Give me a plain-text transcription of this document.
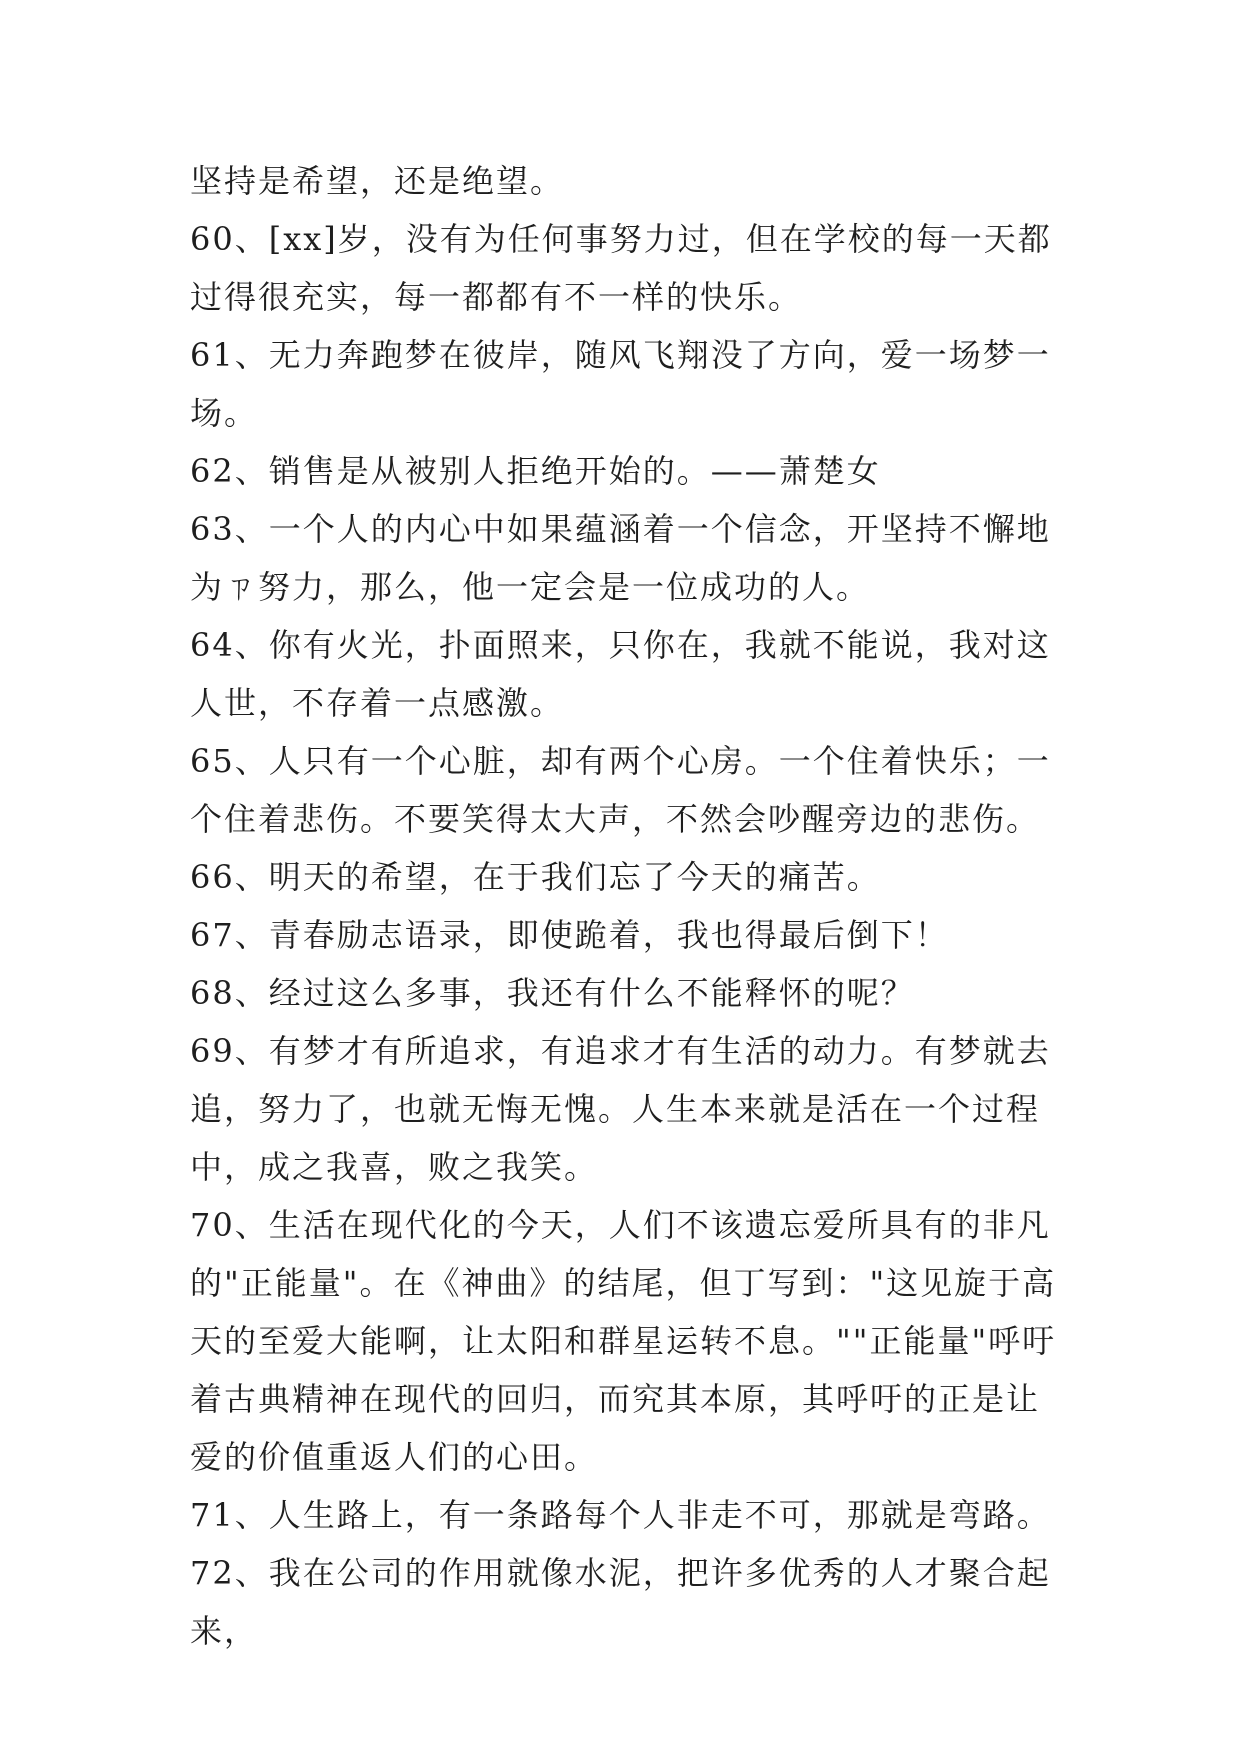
坚持是希望，还是绝望。

60、[xx]岁，没有为任何事努力过，但在学校的每一天都过得很充实，每一都都有不一样的快乐。

61、无力奔跑梦在彼岸，随风飞翔没了方向，爱一场梦一场。

62、销售是从被别人拒绝开始的。——萧楚女

63、一个人的内心中如果蕴涵着一个信念，开坚持不懈地为ㄗ努力，那么，他一定会是一位成功的人。

64、你有火光，扑面照来，只你在，我就不能说，我对这人世，不存着一点感激。

65、人只有一个心脏，却有两个心房。一个住着快乐；一个住着悲伤。不要笑得太大声，不然会吵醒旁边的悲伤。

66、明天的希望，在于我们忘了今天的痛苦。

67、青春励志语录，即使跪着，我也得最后倒下！

68、经过这么多事，我还有什么不能释怀的呢？

69、有梦才有所追求，有追求才有生活的动力。有梦就去追，努力了，也就无悔无愧。人生本来就是活在一个过程中，成之我喜，败之我笑。

70、生活在现代化的今天，人们不该遗忘爱所具有的非凡的"正能量"。在《神曲》的结尾，但丁写到："这见旋于高天的至爱大能啊，让太阳和群星运转不息。""正能量"呼吁着古典精神在现代的回归，而究其本原，其呼吁的正是让爱的价值重返人们的心田。

71、人生路上，有一条路每个人非走不可，那就是弯路。

72、我在公司的作用就像水泥，把许多优秀的人才聚合起来，
